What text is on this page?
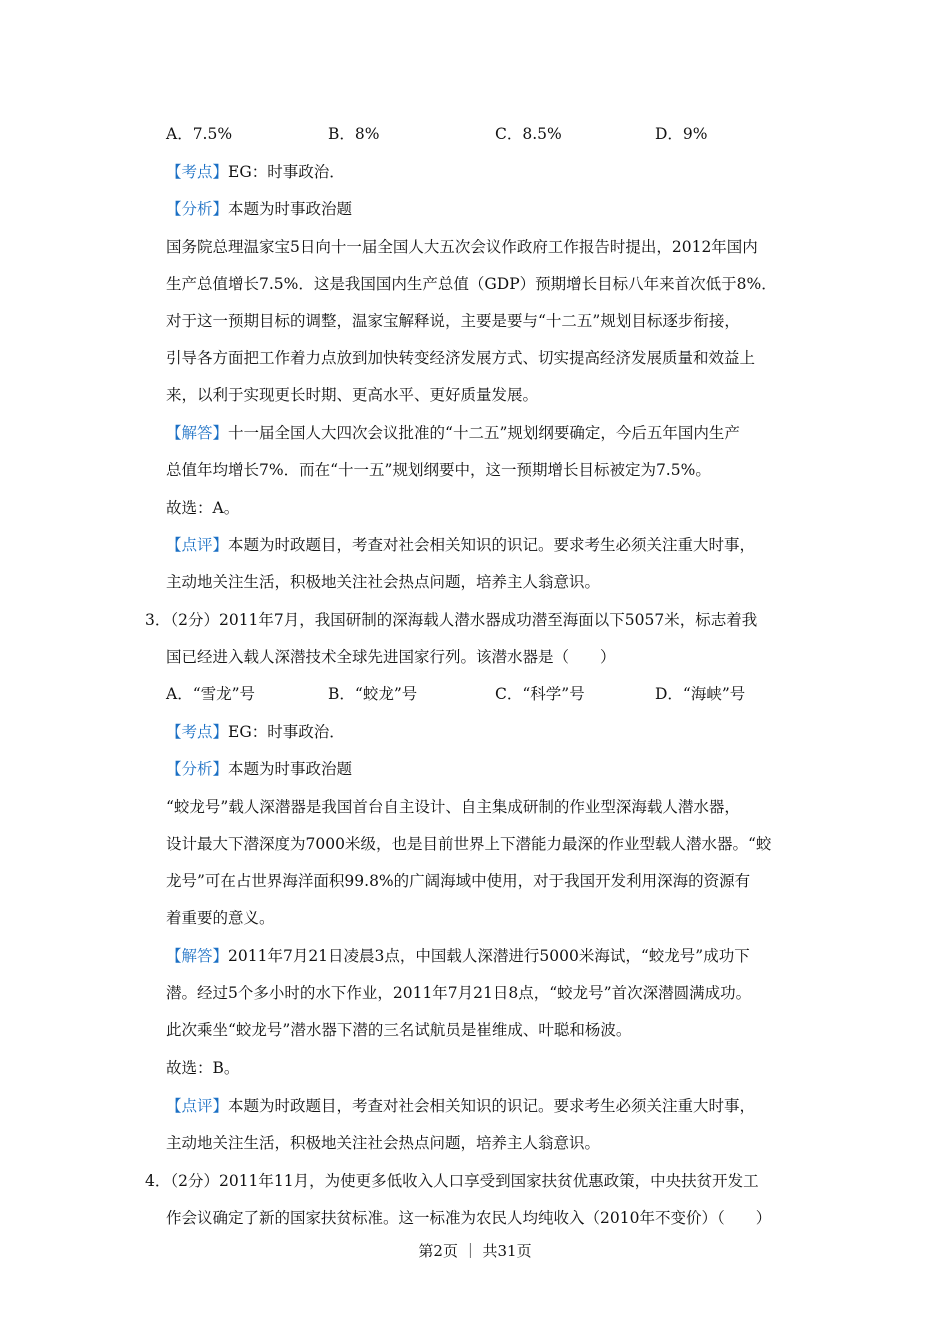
A．7.5%	B．8%	C．8.5%	D．9%
【考点】EG：时事政治．
【分析】本题为时事政治题
国务院总理温家宝5日向十一届全国人大五次会议作政府工作报告时提出，2012年国内
生产总值增长7.5%．这是我国国内生产总值（GDP）预期增长目标八年来首次低于8%．
对于这一预期目标的调整，温家宝解释说，主要是要与“十二五”规划目标逐步衔接，
引导各方面把工作着力点放到加快转变经济发展方式、切实提高经济发展质量和效益上
来，以利于实现更长时期、更高水平、更好质量发展。
【解答】十一届全国人大四次会议批准的“十二五”规划纲要确定，今后五年国内生产
总值年均增长7%．而在“十一五”规划纲要中，这一预期增长目标被定为7.5%。
故选：A。
【点评】本题为时政题目，考查对社会相关知识的识记。要求考生必须关注重大时事，
主动地关注生活，积极地关注社会热点问题，培养主人翁意识。
3．（2分）2011年7月，我国研制的深海载人潜水器成功潜至海面以下5057米，标志着我
国已经进入载人深潜技术全球先进国家行列。该潜水器是（　　）
A．“雪龙”号	B．“蛟龙”号	C．“科学”号	D．“海峡”号
【考点】EG：时事政治．
【分析】本题为时事政治题
“蛟龙号”载人深潜器是我国首台自主设计、自主集成研制的作业型深海载人潜水器，
设计最大下潜深度为7000米级，也是目前世界上下潜能力最深的作业型载人潜水器。“蛟
龙号”可在占世界海洋面积99.8%的广阔海域中使用，对于我国开发利用深海的资源有
着重要的意义。
【解答】2011年7月21日凌晨3点，中国载人深潜进行5000米海试，“蛟龙号”成功下
潜。经过5个多小时的水下作业，2011年7月21日8点，“蛟龙号”首次深潜圆满成功。
此次乘坐“蛟龙号”潜水器下潜的三名试航员是崔维成、叶聪和杨波。
故选：B。
【点评】本题为时政题目，考查对社会相关知识的识记。要求考生必须关注重大时事，
主动地关注生活，积极地关注社会热点问题，培养主人翁意识。
4．（2分）2011年11月，为使更多低收入人口享受到国家扶贫优惠政策，中央扶贫开发工
作会议确定了新的国家扶贫标准。这一标准为农民人均纯收入（2010年不变价）（　　）
第2页 ｜ 共31页
